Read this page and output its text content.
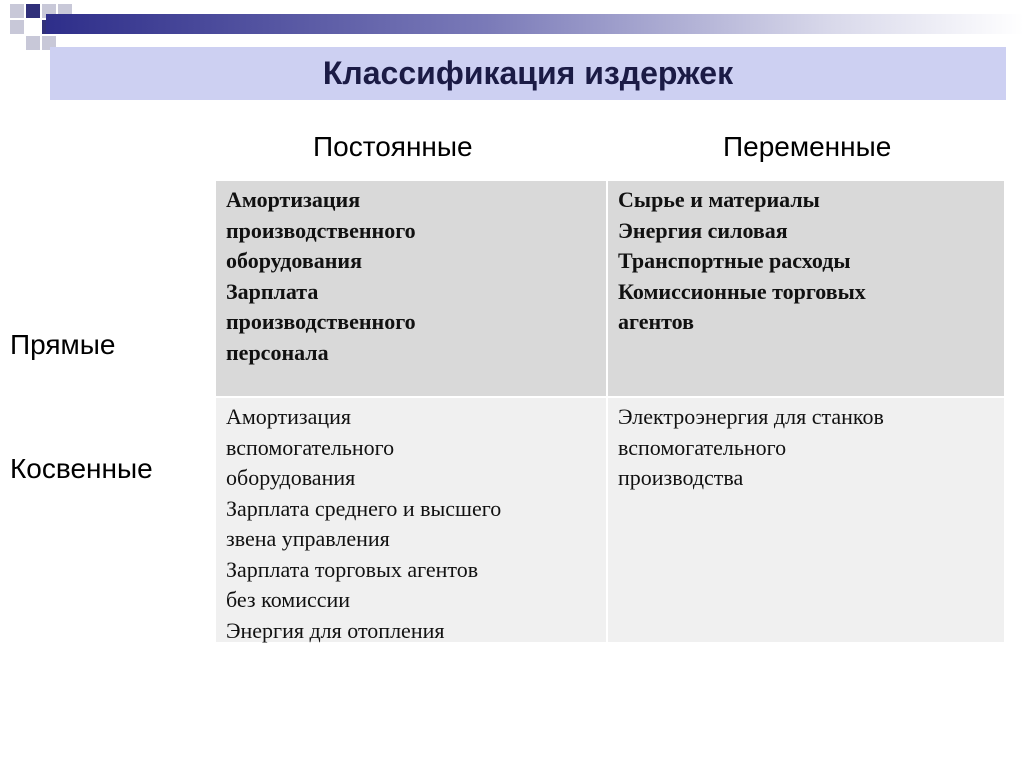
Классификация издержек
Постоянные	Переменные
Прямые
Косвенные
Амортизация
производственного
оборудования
Зарплата
производственного
персонала
Сырье и материалы
Энергия силовая
Транспортные расходы
Комиссионные торговых
агентов
Амортизация
вспомогательного
оборудования
Зарплата среднего и высшего
звена управления
Зарплата торговых агентов
без комиссии
Энергия для отопления
Электроэнергия для станков
вспомогательного
производства
